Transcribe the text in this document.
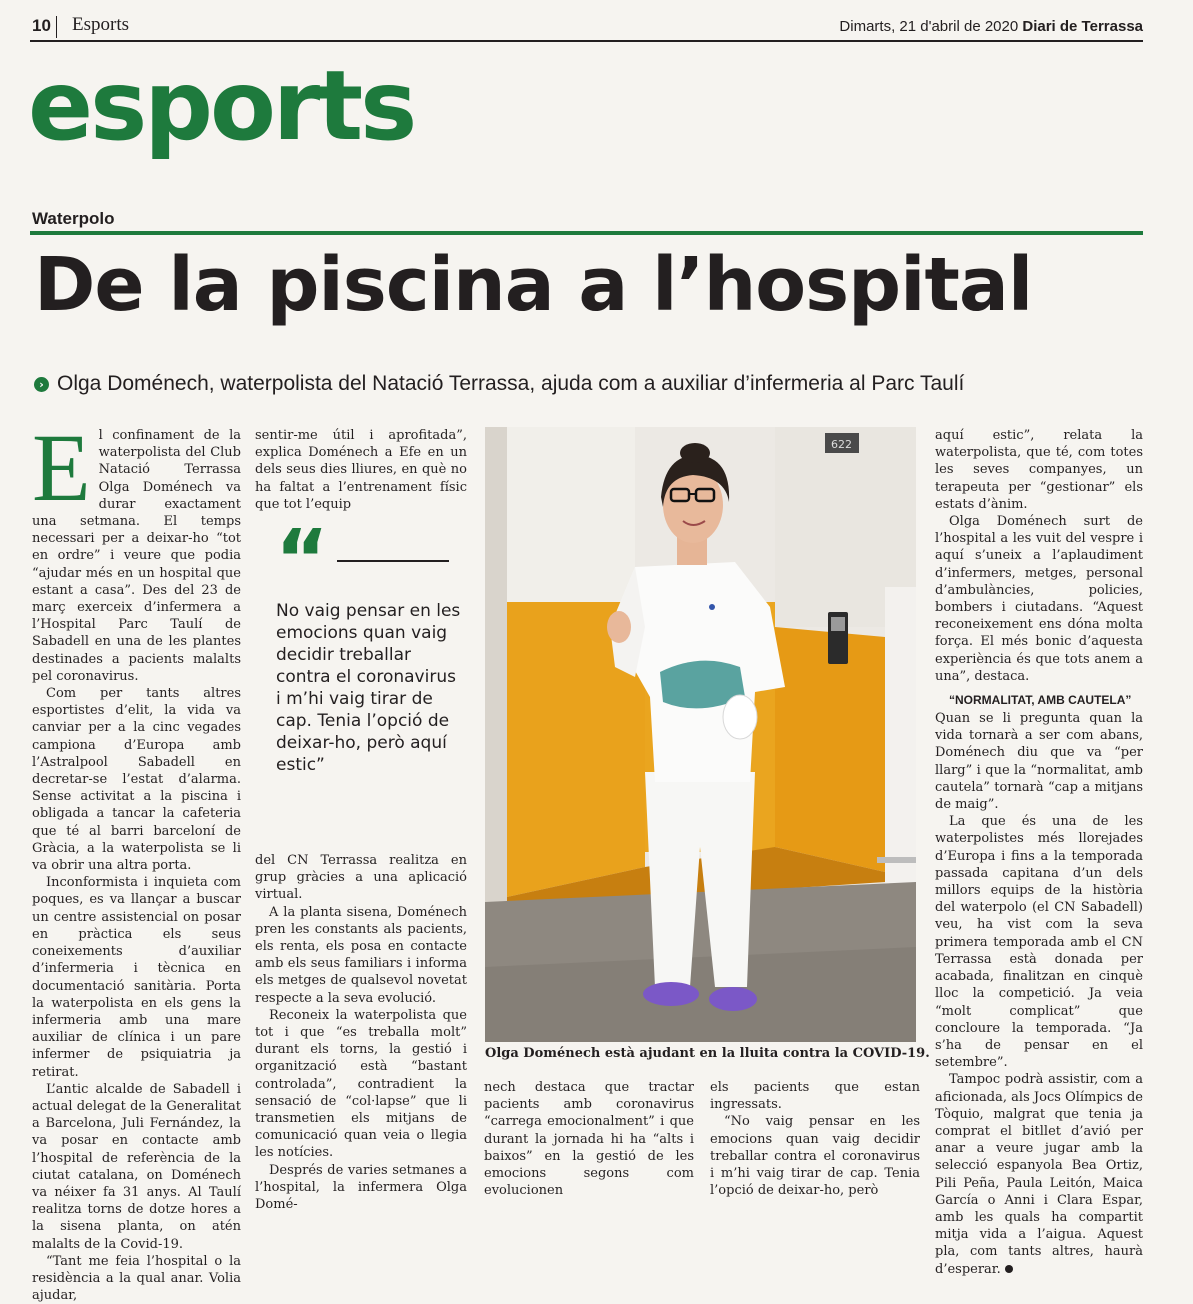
10 Esports	Dimarts, 21 d'abril de 2020 Diari de Terrassa
esports
Waterpolo
De la piscina a l’hospital
› Olga Doménech, waterpolista del Natació Terrassa, ajuda com a auxiliar d’infermeria al Parc Taulí
E l confinament de la waterpolista del Club Natació Terrassa Olga Doménech va durar exactament una setmana. El temps necessari per a deixar-ho “tot en ordre” i veure que podia “ajudar més en un hospital que estant a casa”. Des del 23 de març exerceix d’infermera a l’Hospital Parc Taulí de Sabadell en una de les plantes destinades a pacients malalts pel coronavirus.

Com per tants altres esportistes d’elit, la vida va canviar per a la cinc vegades campiona d’Europa amb l’Astralpool Sabadell en decretar-se l’estat d’alarma. Sense activitat a la piscina i obligada a tancar la cafeteria que té al barri barceloní de Gràcia, a la waterpolista se li va obrir una altra porta.

Inconformista i inquieta com poques, es va llançar a buscar un centre assistencial on posar en pràctica els seus coneixements d’auxiliar d’infermeria i tècnica en documentació sanitària. Porta la waterpolista en els gens la infermeria amb una mare auxiliar de clínica i un pare infermer de psiquiatria ja retirat.

L’antic alcalde de Sabadell i actual delegat de la Generalitat a Barcelona, Juli Fernández, la va posar en contacte amb l’hospital de referència de la ciutat catalana, on Doménech va néixer fa 31 anys. Al Taulí realitza torns de dotze hores a la sisena planta, on atén malalts de la Covid-19.

“Tant me feia l’hospital o la residència a la qual anar. Volia ajudar,

sentir-me útil i aprofitada”, explica Doménech a Efe en un dels seus dies lliures, en què no ha faltat a l’entrenament físic que tot l’equip

“
No vaig pensar en les emocions quan vaig decidir treballar contra el coronavirus i m’hi vaig tirar de cap. Tenia l’opció de deixar-ho, però aquí estic”

del CN Terrassa realitza en grup gràcies a una aplicació virtual.

A la planta sisena, Doménech pren les constants als pacients, els renta, els posa en contacte amb els seus familiars i informa els metges de qualsevol novetat respecte a la seva evolució.

Reconeix la waterpolista que tot i que “es treballa molt” durant els torns, la gestió i organització està “bastant controlada”, contradient la sensació de “col·lapse” que li transmetien els mitjans de comunicació quan veia o llegia les notícies.

Després de varies setmanes a l’hospital, la infermera Olga Domé-

622
Olga Doménech està ajudant en la lluita contra la COVID-19.

nech destaca que tractar pacients amb coronavirus “carrega emocionalment” i que durant la jornada hi ha “alts i baixos” en la gestió de les emocions segons com evolucionen

els pacients que estan ingressats.

“No vaig pensar en les emocions quan vaig decidir treballar contra el coronavirus i m’hi vaig tirar de cap. Tenia l’opció de deixar-ho, però

aquí estic”, relata la waterpolista, que té, com totes les seves companyes, un terapeuta per “gestionar” els estats d’ànim.

Olga Doménech surt de l’hospital a les vuit del vespre i aquí s’uneix a l’aplaudiment d’infermers, metges, personal d’ambulàncies, policies, bombers i ciutadans. “Aquest reconeixement ens dóna molta força. El més bonic d’aquesta experiència és que tots anem a una”, destaca.

“NORMALITAT, AMB CAUTELA”

Quan se li pregunta quan la vida tornarà a ser com abans, Doménech diu que va “per llarg” i que la “normalitat, amb cautela” tornarà “cap a mitjans de maig”.

La que és una de les waterpolistes més llorejades d’Europa i fins a la temporada passada capitana d’un dels millors equips de la història del waterpolo (el CN Sabadell) veu, ha vist com la seva primera temporada amb el CN Terrassa està donada per acabada, finalitzan en cinquè lloc la competició. Ja veia “molt complicat” que concloure la temporada. “Ja s’ha de pensar en el setembre”.

Tampoc podrà assistir, com a aficionada, als Jocs Olímpics de Tòquio, malgrat que tenia ja comprat el bitllet d’avió per anar a veure jugar amb la selecció espanyola Bea Ortiz, Pili Peña, Paula Leitón, Maica García o Anni i Clara Espar, amb les quals ha compartit mitja vida a l’aigua. Aquest pla, com tants altres, haurà d’esperar.
